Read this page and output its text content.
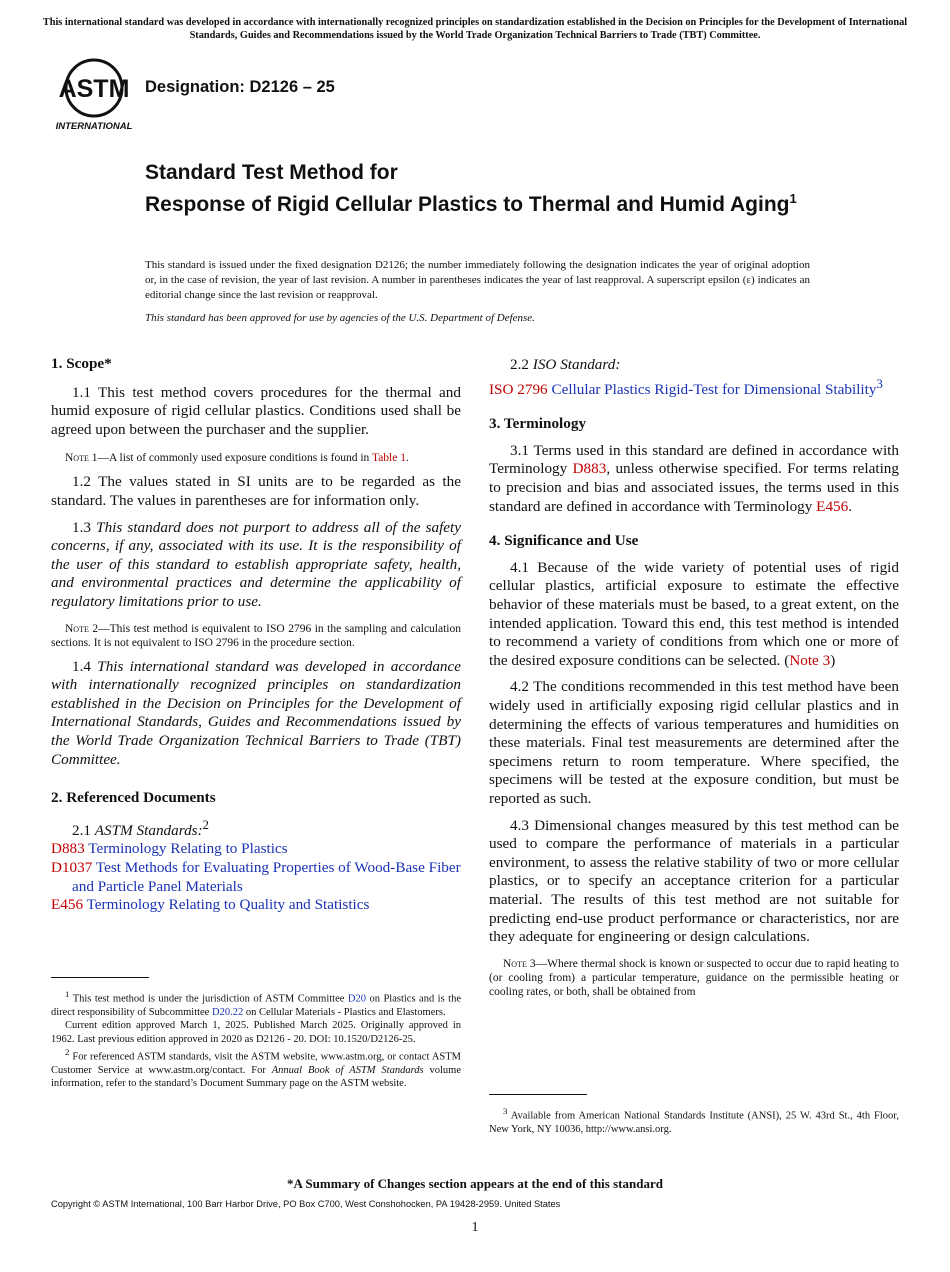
This international standard was developed in accordance with internationally recognized principles on standardization established in the Decision on Principles for the Development of International Standards, Guides and Recommendations issued by the World Trade Organization Technical Barriers to Trade (TBT) Committee.
ASTM
INTERNATIONAL
Designation: D2126 – 25
Standard Test Method for
Response of Rigid Cellular Plastics to Thermal and Humid Aging$^1$
This standard is issued under the fixed designation D2126; the number immediately following the designation indicates the year of original adoption or, in the case of revision, the year of last revision. A number in parentheses indicates the year of last reapproval. A superscript epsilon (ε) indicates an editorial change since the last revision or reapproval.
This standard has been approved for use by agencies of the U.S. Department of Defense.

1. Scope*

1.1 This test method covers procedures for the thermal and humid exposure of rigid cellular plastics. Conditions used shall be agreed upon between the purchaser and the supplier.

Note 1—A list of commonly used exposure conditions is found in Table 1.

1.2 The values stated in SI units are to be regarded as the standard. The values in parentheses are for information only.

1.3 This standard does not purport to address all of the safety concerns, if any, associated with its use. It is the responsibility of the user of this standard to establish appropriate safety, health, and environmental practices and determine the applicability of regulatory limitations prior to use.

Note 2—This test method is equivalent to ISO 2796 in the sampling and calculation sections. It is not equivalent to ISO 2796 in the procedure section.

1.4 This international standard was developed in accordance with internationally recognized principles on standardization established in the Decision on Principles for the Development of International Standards, Guides and Recommendations issued by the World Trade Organization Technical Barriers to Trade (TBT) Committee.

2. Referenced Documents

2.1 ASTM Standards:$^2$

D883 Terminology Relating to Plastics

D1037 Test Methods for Evaluating Properties of Wood-Base Fiber and Particle Panel Materials

E456 Terminology Relating to Quality and Statistics

$^1$ This test method is under the jurisdiction of ASTM Committee D20 on Plastics and is the direct responsibility of Subcommittee D20.22 on Cellular Materials - Plastics and Elastomers.

Current edition approved March 1, 2025. Published March 2025. Originally approved in 1962. Last previous edition approved in 2020 as D2126 - 20. DOI: 10.1520/D2126-25.

$^2$ For referenced ASTM standards, visit the ASTM website, www.astm.org, or contact ASTM Customer Service at www.astm.org/contact. For Annual Book of ASTM Standards volume information, refer to the standard’s Document Summary page on the ASTM website.

2.2 ISO Standard:

ISO 2796 Cellular Plastics Rigid-Test for Dimensional Stability$^3$

3. Terminology

3.1 Terms used in this standard are defined in accordance with Terminology D883, unless otherwise specified. For terms relating to precision and bias and associated issues, the terms used in this standard are defined in accordance with Terminology E456.

4. Significance and Use

4.1 Because of the wide variety of potential uses of rigid cellular plastics, artificial exposure to estimate the effective behavior of these materials must be based, to a great extent, on the intended application. Toward this end, this test method is intended to recommend a variety of conditions from which one or more of the desired exposure conditions can be selected. (Note 3)

4.2 The conditions recommended in this test method have been widely used in artificially exposing rigid cellular plastics and in determining the effects of various temperatures and humidities on these materials. Final test measurements are determined after the specimens return to room temperature. Where specified, the specimens will be tested at the exposure condition, but must be reported as such.

4.3 Dimensional changes measured by this test method can be used to compare the performance of materials in a particular environment, to assess the relative stability of two or more cellular plastics, or to specify an acceptance criterion for a particular material. The results of this test method are not suitable for predicting end-use product performance or characteristics, nor are they adequate for engineering or design calculations.

Note 3—Where thermal shock is known or suspected to occur due to rapid heating to (or cooling from) a particular temperature, guidance on the permissible heating or cooling rates, or both, shall be obtained from

$^3$ Available from American National Standards Institute (ANSI), 25 W. 43rd St., 4th Floor, New York, NY 10036, http://www.ansi.org.

*A Summary of Changes section appears at the end of this standard
Copyright © ASTM International, 100 Barr Harbor Drive, PO Box C700, West Conshohocken, PA 19428-2959. United States
1
